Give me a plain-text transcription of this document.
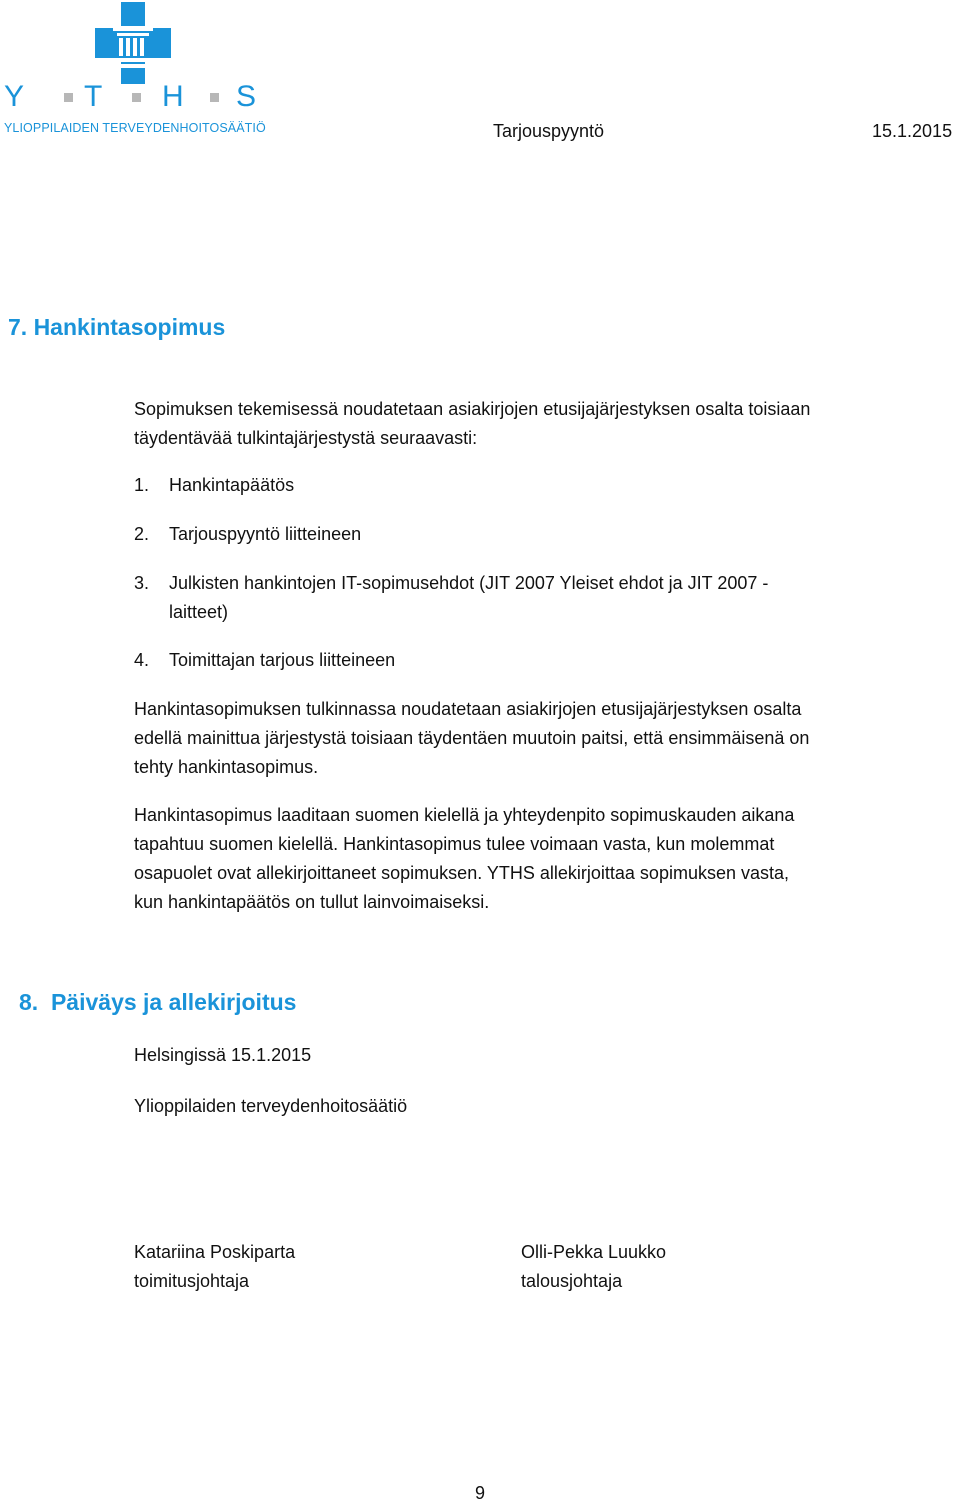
Y T H S
YLIOPPILAIDEN TERVEYDENHOITOSÄÄTIÖ	Tarjouspyyntö	15.1.2015
7. Hankintasopimus
Sopimuksen tekemisessä noudatetaan asiakirjojen etusijajärjestyksen osalta toisiaan
täydentävää tulkintajärjestystä seuraavasti:
1. Hankintapäätös
2. Tarjouspyyntö liitteineen
3. Julkisten hankintojen IT-sopimusehdot (JIT 2007 Yleiset ehdot ja JIT 2007 -
laitteet)
4. Toimittajan tarjous liitteineen
Hankintasopimuksen tulkinnassa noudatetaan asiakirjojen etusijajärjestyksen osalta
edellä mainittua järjestystä toisiaan täydentäen muutoin paitsi, että ensimmäisenä on
tehty hankintasopimus.
Hankintasopimus laaditaan suomen kielellä ja yhteydenpito sopimuskauden aikana
tapahtuu suomen kielellä. Hankintasopimus tulee voimaan vasta, kun molemmat
osapuolet ovat allekirjoittaneet sopimuksen. YTHS allekirjoittaa sopimuksen vasta,
kun hankintapäätös on tullut lainvoimaiseksi.
8.  Päiväys ja allekirjoitus
Helsingissä 15.1.2015
Ylioppilaiden terveydenhoitosäätiö
Katariina Poskiparta
toimitusjohtaja
Olli-Pekka Luukko
talousjohtaja
9
